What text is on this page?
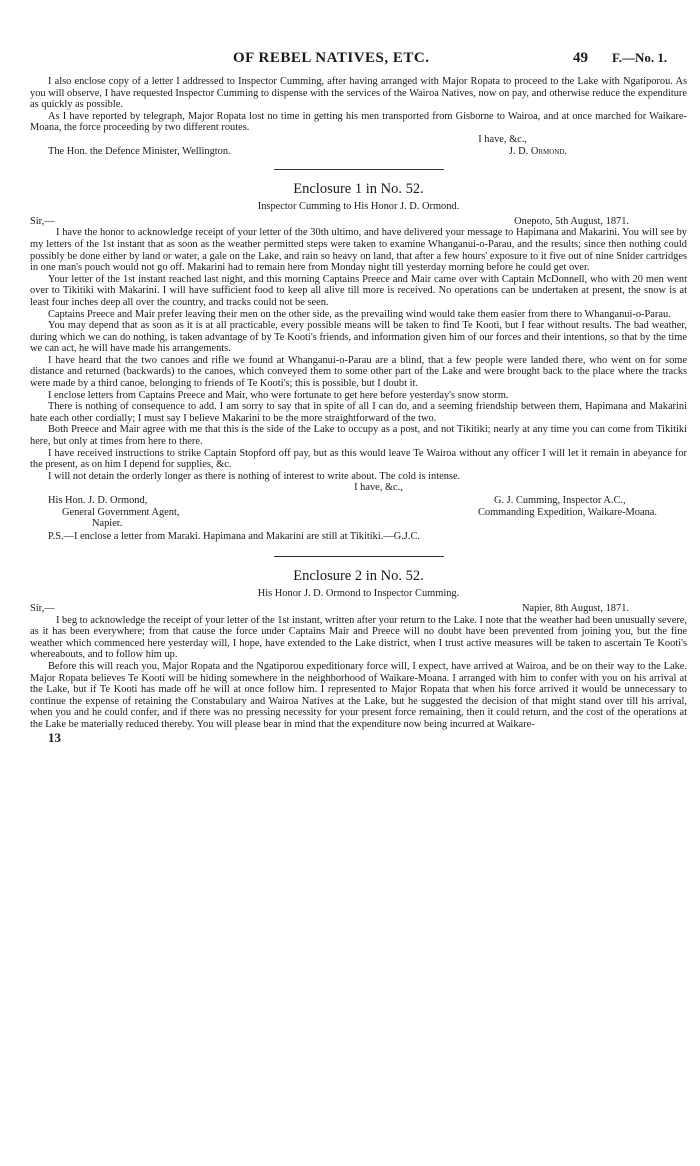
OF REBEL NATIVES, ETC.	49 F.—No. 1.

I also enclose copy of a letter I addressed to Inspector Cumming, after having arranged with Major Ropata to proceed to the Lake with Ngatiporou. As you will observe, I have requested Inspector Cumming to dispense with the services of the Wairoa Natives, now on pay, and otherwise reduce the expenditure as quickly as possible.

As I have reported by telegraph, Major Ropata lost no time in getting his men transported from Gisborne to Wairoa, and at once marched for Waikare-Moana, the force proceeding by two different routes.

I have, &c.,

The Hon. the Defence Minister, Wellington.	J. D. Ormond.
Enclosure 1 in No. 52.
Inspector Cumming to His Honor J. D. Ormond.
Sir,—	Onepoto, 5th August, 1871.

I have the honor to acknowledge receipt of your letter of the 30th ultimo, and have delivered your message to Hapimana and Makarini. You will see by my letters of the 1st instant that as soon as the weather permitted steps were taken to examine Whanganui-o-Parau, and the results; since then nothing could possibly be done either by land or water, a gale on the Lake, and rain so heavy on land, that after a few hours' exposure to it five out of nine Snider cartridges in one man's pouch would not go off. Makarini had to remain here from Monday night till yesterday morning before he could get over.

Your letter of the 1st instant reached last night, and this morning Captains Preece and Mair came over with Captain McDonnell, who with 20 men went over to Tikitiki with Makarini. I will have sufficient food to keep all alive till more is received. No operations can be undertaken at present, the snow is at least four inches deep all over the country, and tracks could not be seen.

Captains Preece and Mair prefer leaving their men on the other side, as the prevailing wind would take them easier from there to Whanganui-o-Parau.

You may depend that as soon as it is at all practicable, every possible means will be taken to find Te Kooti, but I fear without results. The bad weather, during which we can do nothing, is taken advantage of by Te Kooti's friends, and information given him of our forces and their intentions, so that by the time we can act, he will have made his arrangements.

I have heard that the two canoes and rifle we found at Whanganui-o-Parau are a blind, that a few people were landed there, who went on for some distance and returned (backwards) to the canoes, which conveyed them to some other part of the Lake and were brought back to the place where the tracks were made by a third canoe, belonging to friends of Te Kooti's; this is possible, but I doubt it.

I enclose letters from Captains Preece and Mair, who were fortunate to get here before yesterday's snow storm.

There is nothing of consequence to add. I am sorry to say that in spite of all I can do, and a seeming friendship between them, Hapimana and Makarini hate each other cordially; I must say I believe Makarini to be the more straightforward of the two.

Both Preece and Mair agree with me that this is the side of the Lake to occupy as a post, and not Tikitiki; nearly at any time you can come from Tikitiki here, but only at times from here to there.

I have received instructions to strike Captain Stopford off pay, but as this would leave Te Wairoa without any officer I will let it remain in abeyance for the present, as on him I depend for supplies, &c.

I will not detain the orderly longer as there is nothing of interest to write about. The cold is intense.

I have, &c.,

His Hon. J. D. Ormond,
General Government Agent,
Napier.
G. J. Cumming, Inspector A.C.,
Commanding Expedition, Waikare-Moana.

P.S.—I enclose a letter from Maraki. Hapimana and Makarini are still at Tikitiki.—G.J.C.

Enclosure 2 in No. 52.
His Honor J. D. Ormond to Inspector Cumming.
Sir,—	Napier, 8th August, 1871.

I beg to acknowledge the receipt of your letter of the 1st instant, written after your return to the Lake. I note that the weather had been unusually severe, as it has been everywhere; from that cause the force under Captains Mair and Preece will no doubt have been prevented from joining you, but the fine weather which commenced here yesterday will, I hope, have extended to the Lake district, when I trust active measures will be taken to ascertain Te Kooti's whereabouts, and to follow him up.

Before this will reach you, Major Ropata and the Ngatiporou expeditionary force will, I expect, have arrived at Wairoa, and be on their way to the Lake. Major Ropata believes Te Kooti will be hiding somewhere in the neighborhood of Waikare-Moana. I arranged with him to confer with you on his arrival at the Lake, but if Te Kooti has made off he will at once follow him. I represented to Major Ropata that when his force arrived it would be unnecessary to continue the expense of retaining the Constabulary and Wairoa Natives at the Lake, but he suggested the decision of that might stand over till his arrival, when you and he could confer, and if there was no pressing necessity for your present force remaining, then it could return, and the cost of the operations at the Lake be materially reduced thereby. You will please bear in mind that the expenditure now being incurred at Waikare-

13
